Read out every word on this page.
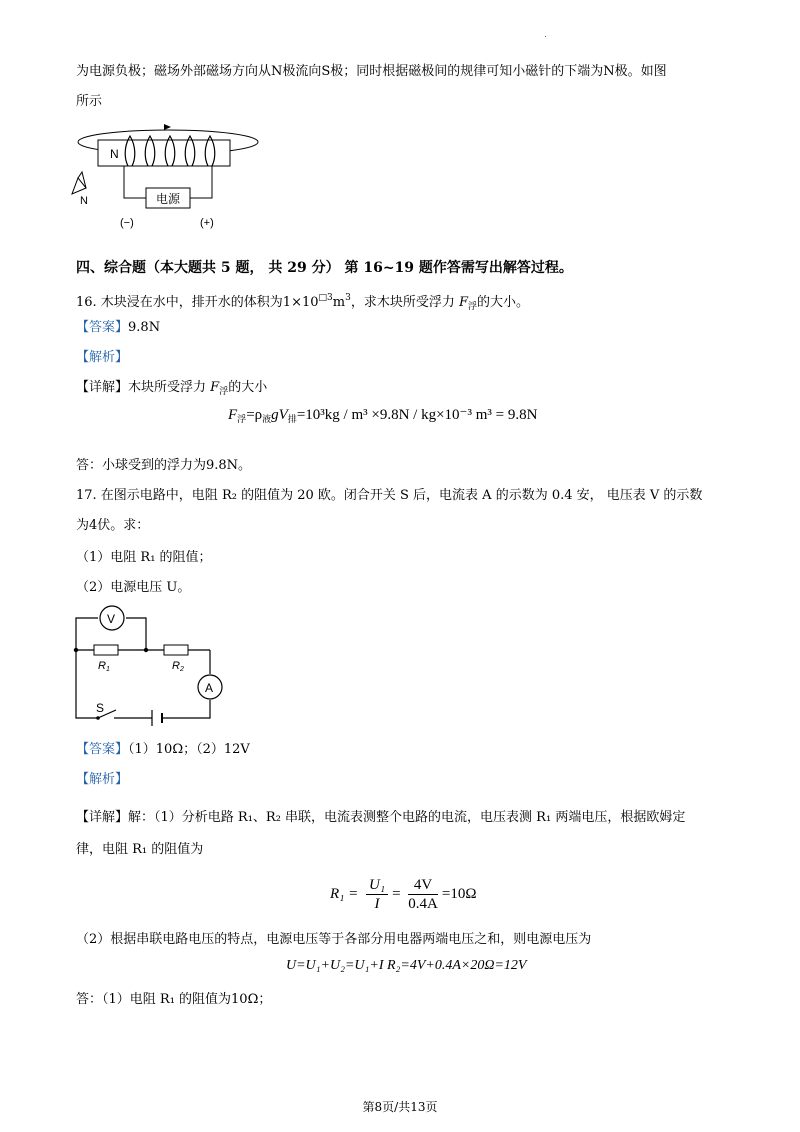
.
为电源负极；磁场外部磁场方向从N极流向S极；同时根据磁极间的规律可知小磁针的下端为N极。如图
所示
N
电源
(−)	(+)
N
四、综合题（本大题共 5 题， 共 29 分） 第 16~19 题作答需写出解答过程。
16. 木块浸在水中，排开水的体积为$1\times 10^{□3}m^3$，求木块所受浮力 $F_浮$的大小。
【答案】9.8N
【解析】
【详解】木块所受浮力 $F_浮$的大小
$F_浮=\rho_液gV_排=10^3kg / m^3 \times 9.8N / kg\times 10^{-3}$ m³ = 9.8N
答：小球受到的浮力为9.8N。
17. 在图示电路中，电阻 R₂ 的阻值为 20 欧。闭合开关 S 后，电流表 A 的示数为 0.4 安， 电压表 V 的示数
为4伏。求：
（1）电阻 R₁ 的阻值；
（2）电源电压 U。
V
R1	R2
A
S
【答案】（1）10Ω；（2）12V
【解析】
【详解】解：（1）分析电路 R₁、R₂ 串联，电流表测整个电路的电流，电压表测 R₁ 两端电压，根据欧姆定
律，电阻 R₁ 的阻值为
$R_1 = \frac{\text{U₁}}{I} = \frac{4V}{0.4A} =10\Omega$
（2）根据串联电路电压的特点，电源电压等于各部分用电器两端电压之和，则电源电压为
U=U₁+U₂=U₁+I R₂=4V+0.4A×20Ω=12V
答：（1）电阻 R₁ 的阻值为10Ω；
第8页/共13页
